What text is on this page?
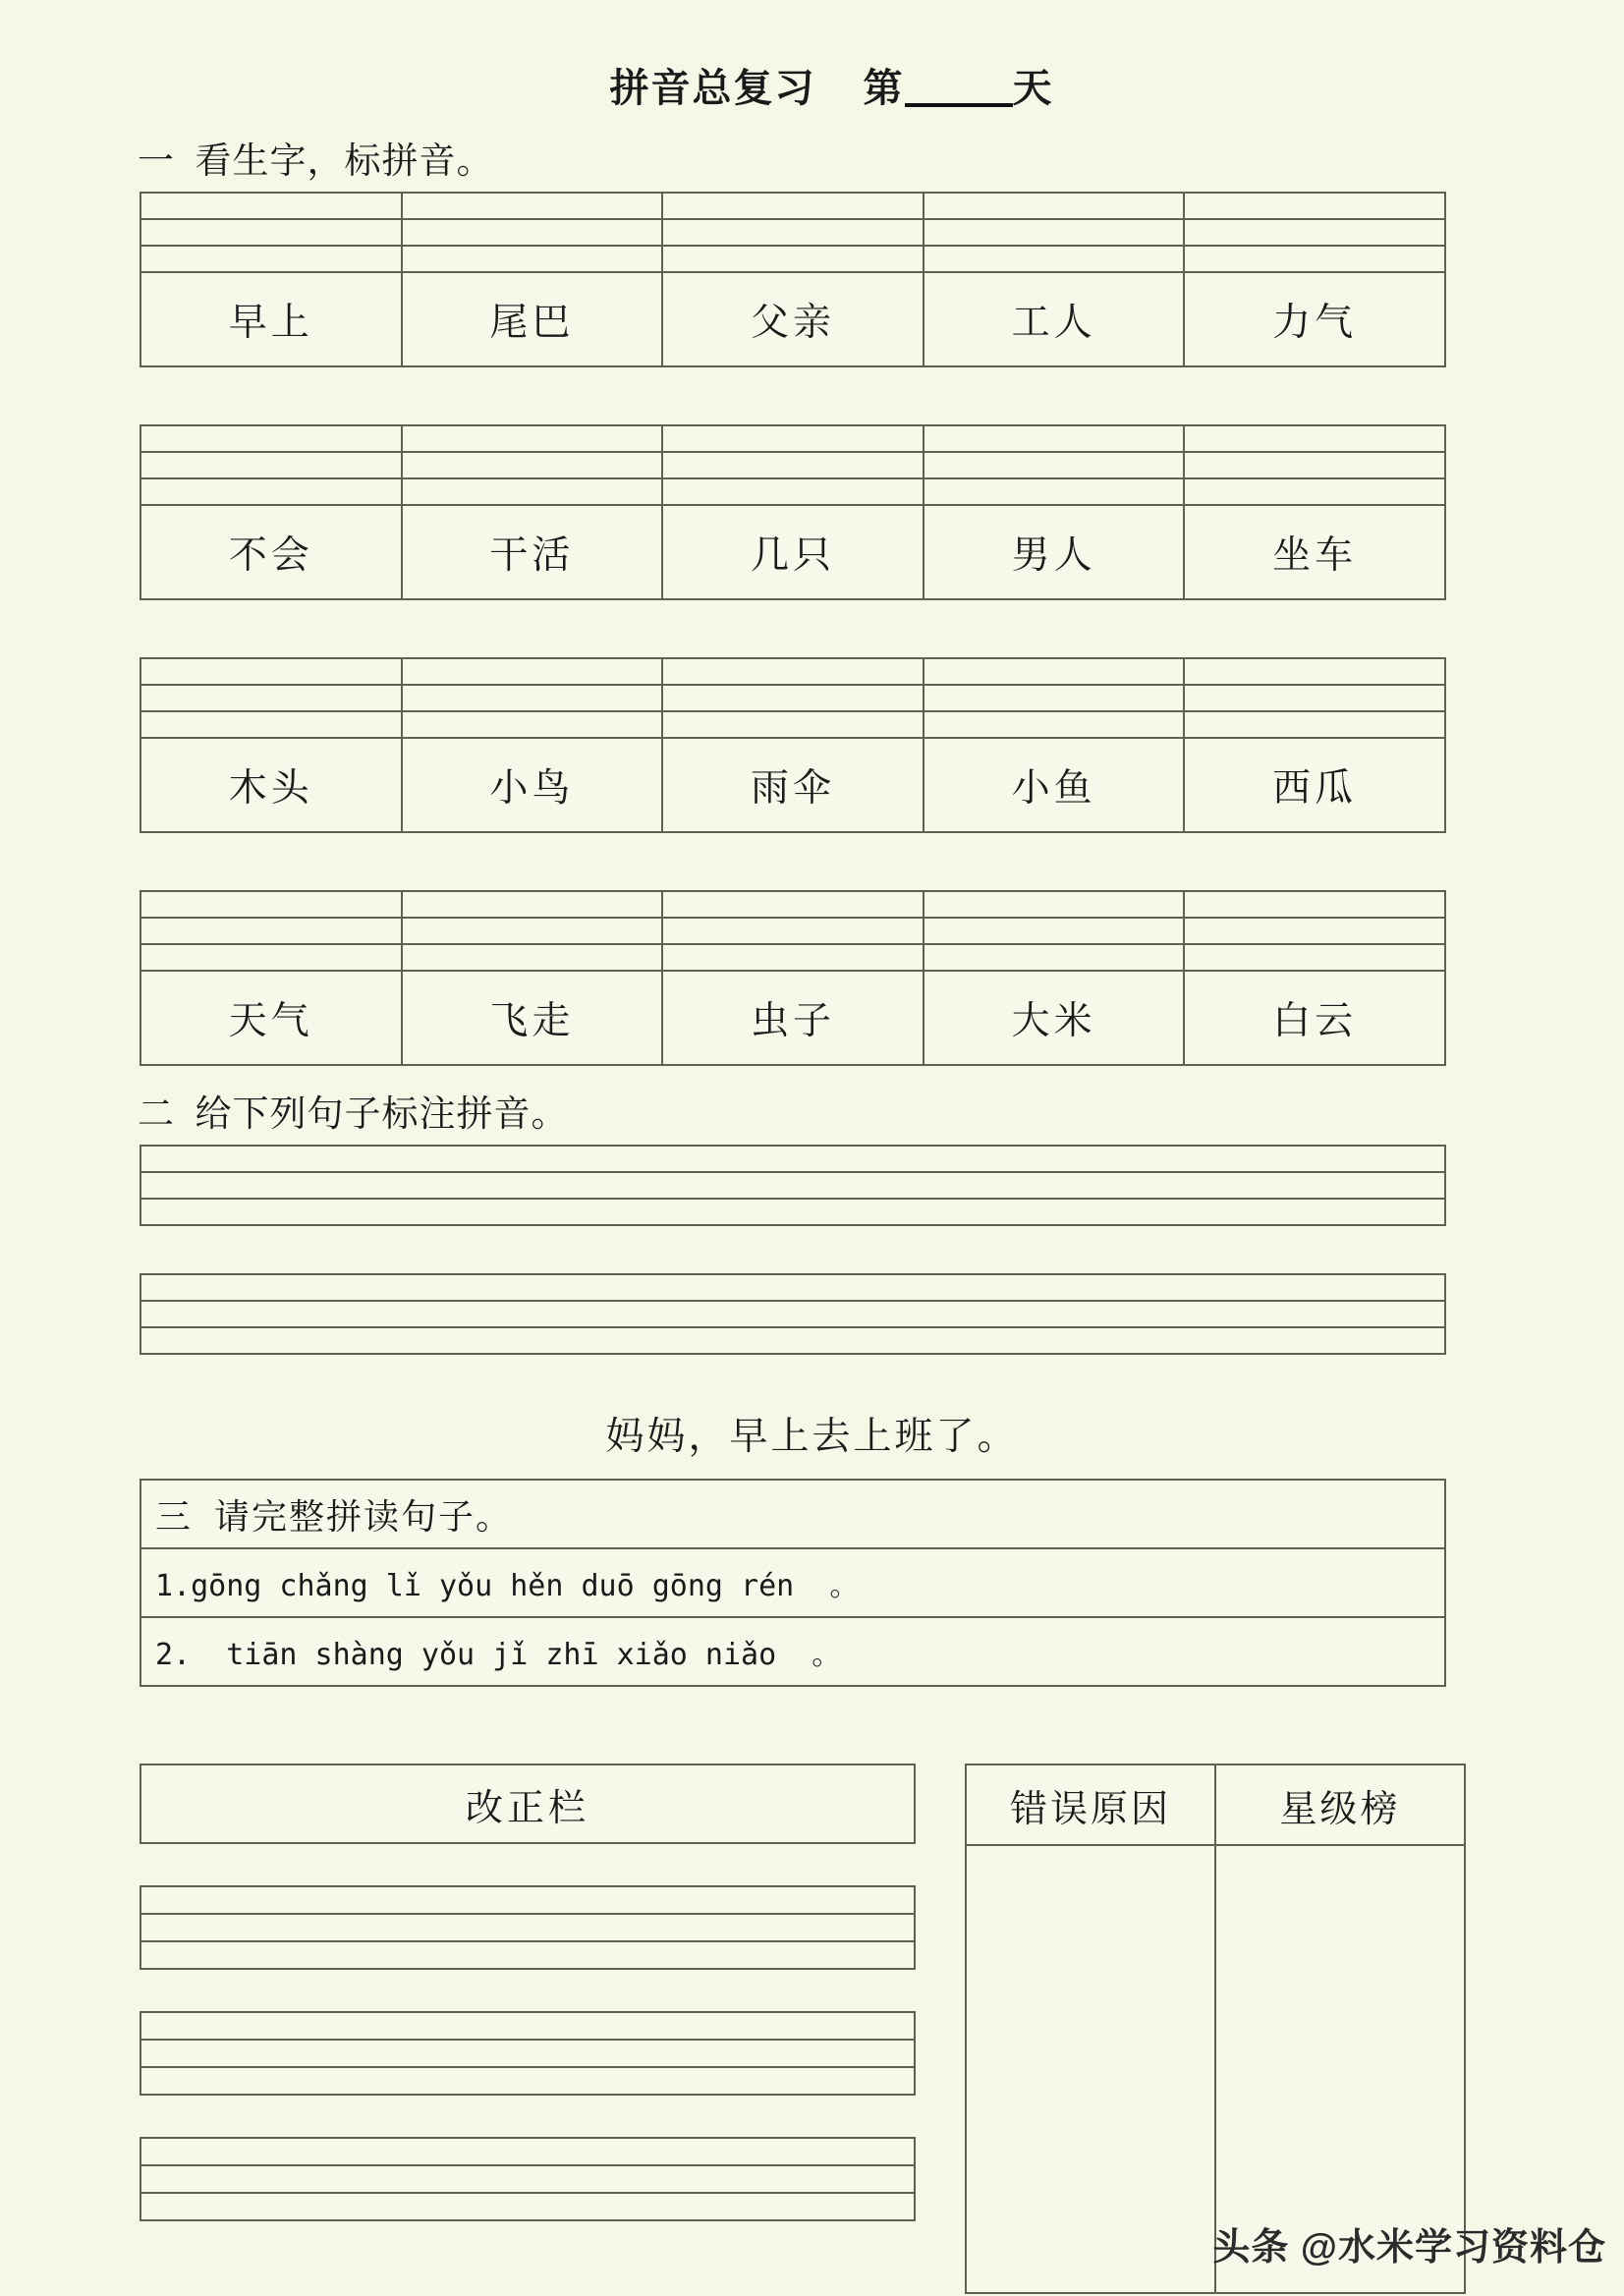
拼音总复习 第	天
一  看生字，标拼音。

早上	尾巴	父亲	工人	力气

不会	干活	几只	男人	坐车

木头	小鸟	雨伞	小鱼	西瓜

天气	飞走	虫子	大米	白云
二  给下列句子标注拼音。

妈妈，早上去上班了。
三  请完整拼读句子。
1.gōng chǎng lǐ yǒu hěn duō gōng rén  。
2.  tiān shàng yǒu jǐ zhī xiǎo niǎo  。
改正栏	错误原因	星级榜

头条 @水米学习资料仓
